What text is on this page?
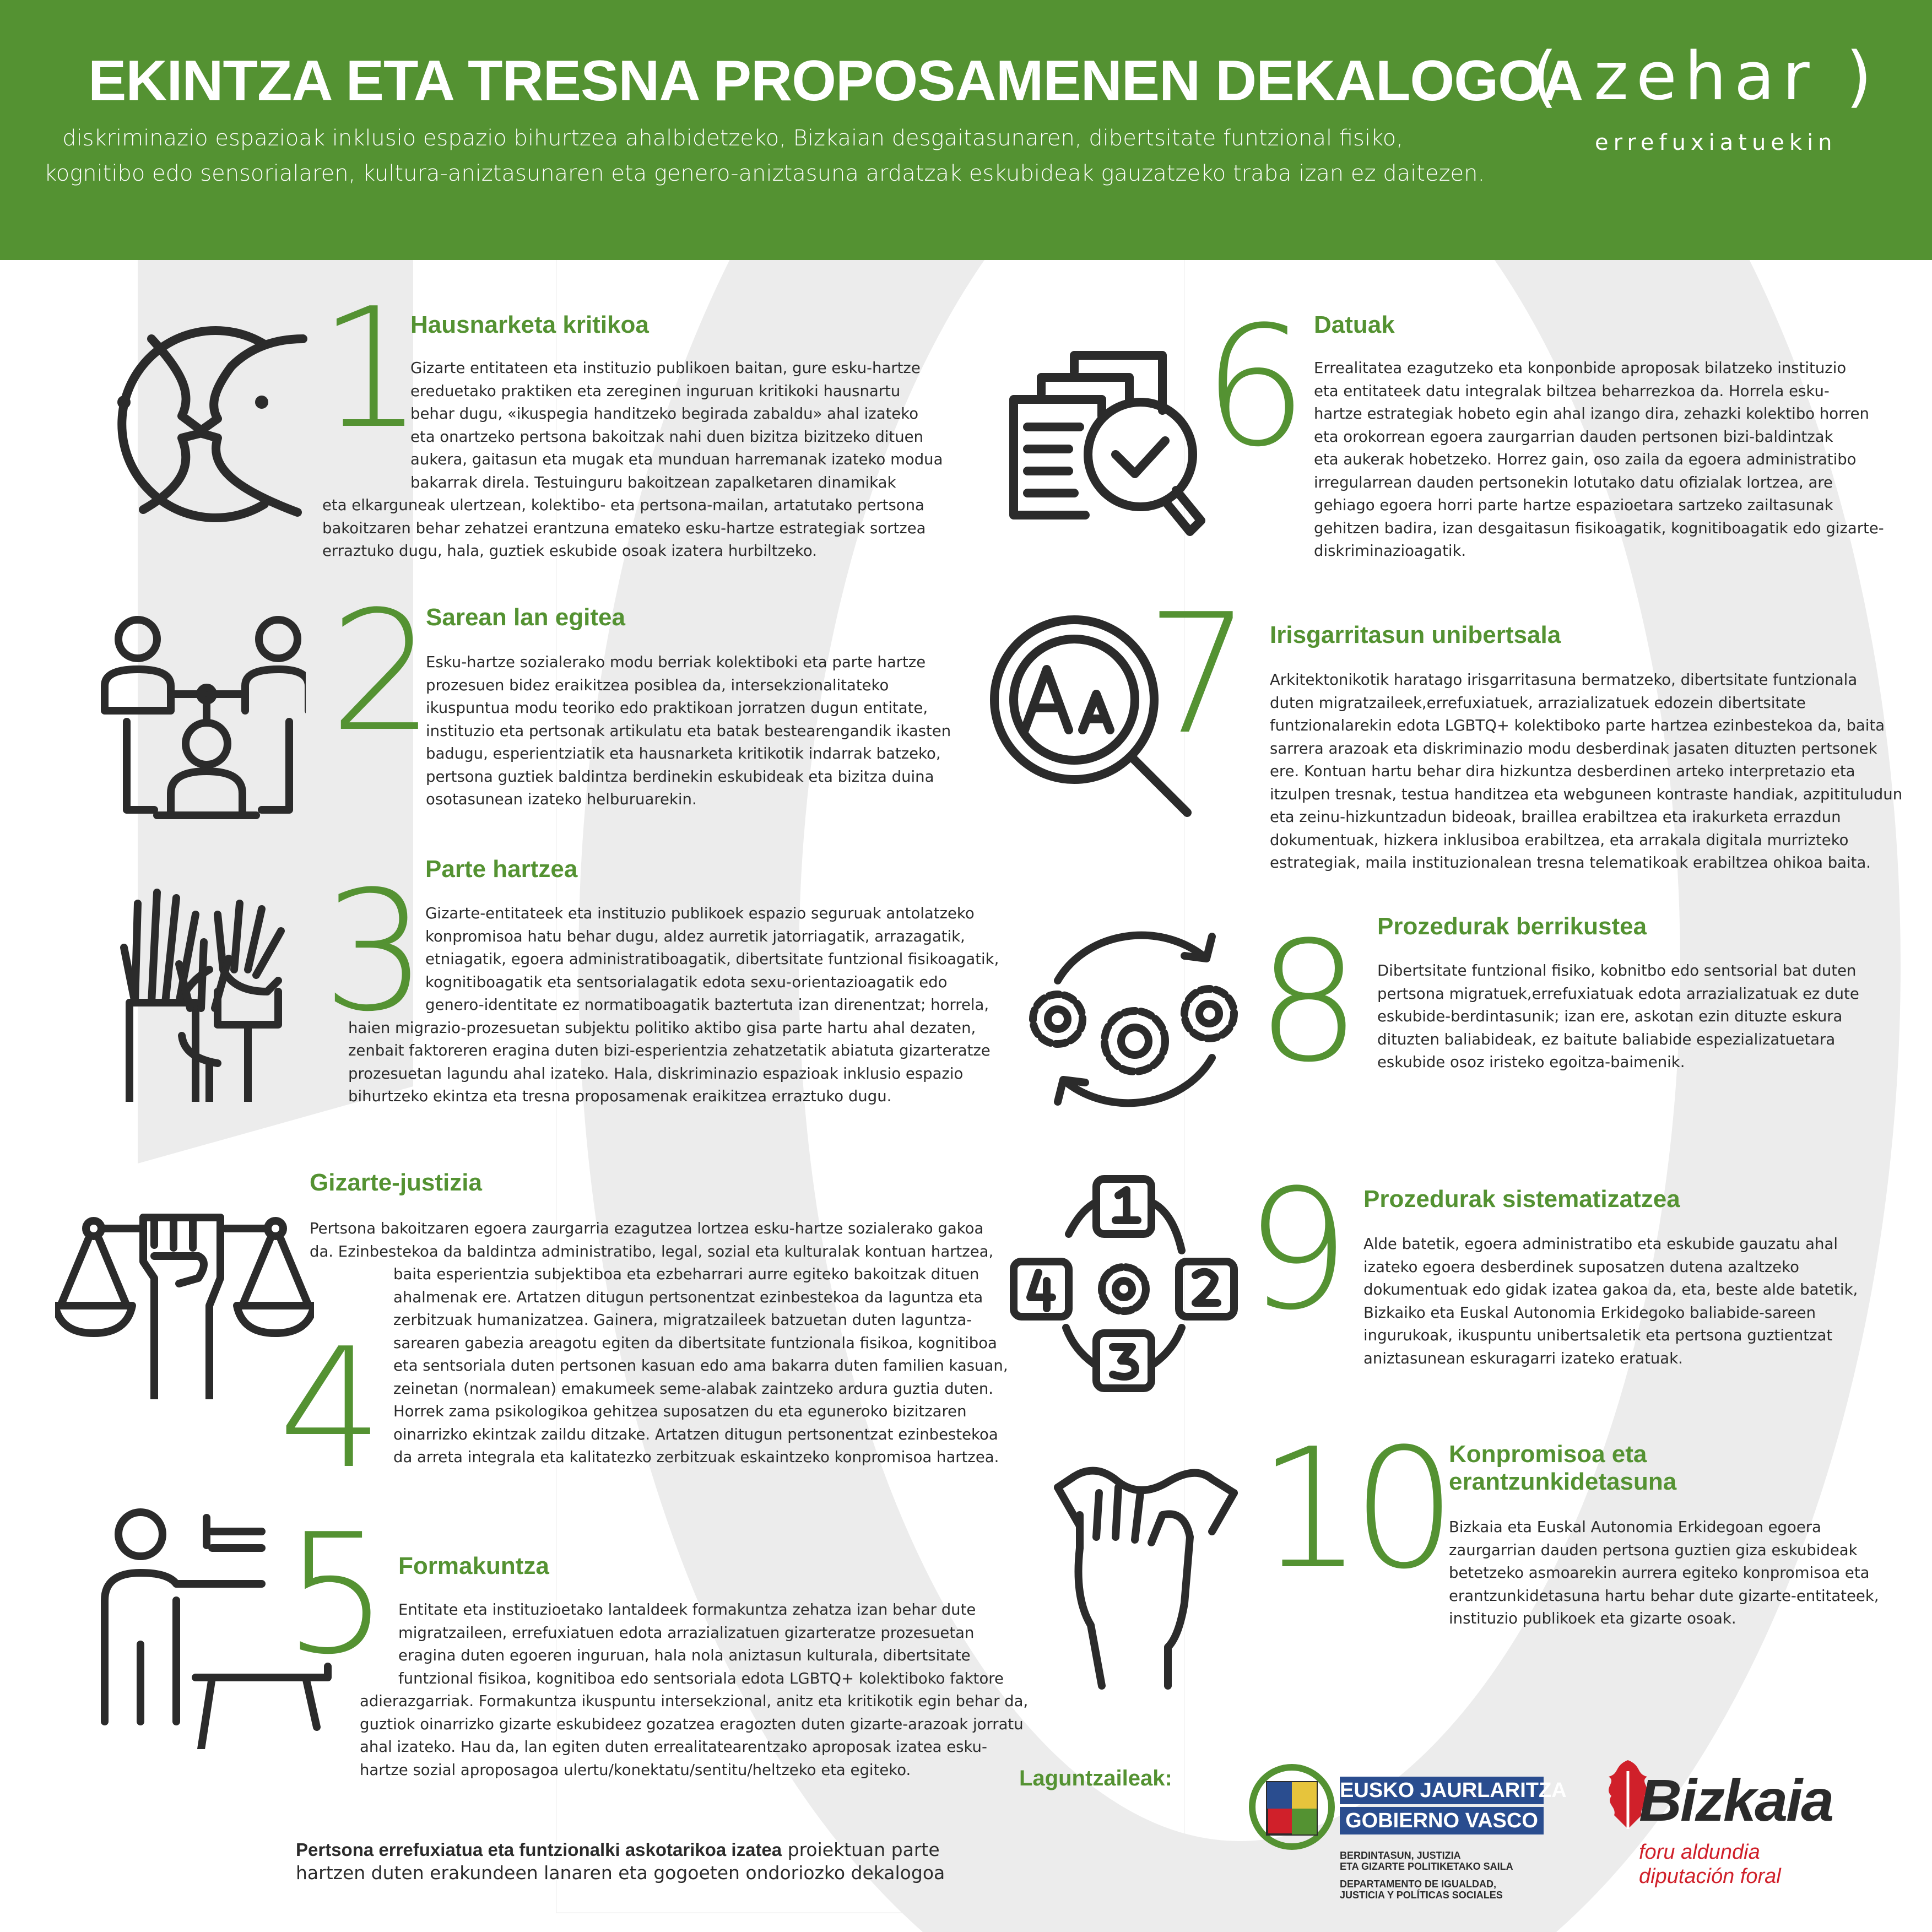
EKINTZA ETA TRESNA PROPOSAMENEN DEKALOGOA
diskriminazio espazioak inklusio espazio bihurtzea ahalbidetzeko, Bizkaian desgaitasunaren, dibertsitate funtzional fisiko,
kognitibo edo sensorialaren, kultura-aniztasunaren eta genero-aniztasuna ardatzak eskubideak gauzatzeko traba izan ez daitezen.
( zehar )
errefuxiatuekin
1
Hausnarketa kritikoa
Gizarte entitateen eta instituzio publikoen baitan, gure esku-hartze
ereduetako praktiken eta zereginen inguruan kritikoki hausnartu
behar dugu, «ikuspegia handitzeko begirada zabaldu» ahal izateko
eta onartzeko pertsona bakoitzak nahi duen bizitza bizitzeko dituen
aukera, gaitasun eta mugak eta munduan harremanak izateko modua
bakarrak direla. Testuinguru bakoitzean zapalketaren dinamikak
eta elkarguneak ulertzean, kolektibo- eta pertsona-mailan, artatutako pertsona
bakoitzaren behar zehatzei erantzuna emateko esku-hartze estrategiak sortzea
erraztuko dugu, hala, guztiek eskubide osoak izatera hurbiltzeko.
2
Sarean lan egitea
Esku-hartze sozialerako modu berriak kolektiboki eta parte hartze
prozesuen bidez eraikitzea posiblea da, intersekzionalitateko
ikuspuntua modu teoriko edo praktikoan jorratzen dugun entitate,
instituzio eta pertsonak artikulatu eta batak bestearengandik ikasten
badugu, esperientziatik eta hausnarketa kritikotik indarrak batzeko,
pertsona guztiek baldintza berdinekin eskubideak eta bizitza duina
osotasunean izateko helburuarekin.
3
Parte hartzea
Gizarte-entitateek eta instituzio publikoek espazio seguruak antolatzeko
konpromisoa hatu behar dugu, aldez aurretik jatorriagatik, arrazagatik,
etniagatik, egoera administratiboagatik, dibertsitate funtzional fisikoagatik,
kognitiboagatik eta sentsorialagatik edota sexu-orientazioagatik edo
genero-identitate ez normatiboagatik baztertuta izan direnentzat; horrela,
haien migrazio-prozesuetan subjektu politiko aktibo gisa parte hartu ahal dezaten,
zenbait faktoreren eragina duten bizi-esperientzia zehatzetatik abiatuta gizarteratze
prozesuetan lagundu ahal izateko. Hala, diskriminazio espazioak inklusio espazio
bihurtzeko ekintza eta tresna proposamenak eraikitzea erraztuko dugu.
4
Gizarte-justizia
Pertsona bakoitzaren egoera zaurgarria ezagutzea lortzea esku-hartze sozialerako gakoa
da. Ezinbestekoa da baldintza administratibo, legal, sozial eta kulturalak kontuan hartzea,
baita esperientzia subjektiboa eta ezbeharrari aurre egiteko bakoitzak dituen
ahalmenak ere. Artatzen ditugun pertsonentzat ezinbestekoa da laguntza eta
zerbitzuak humanizatzea. Gainera, migratzaileek batzuetan duten laguntza-
sarearen gabezia areagotu egiten da dibertsitate funtzionala fisikoa, kognitiboa
eta sentsoriala duten pertsonen kasuan edo ama bakarra duten familien kasuan,
zeinetan (normalean) emakumeek seme-alabak zaintzeko ardura guztia duten.
Horrek zama psikologikoa gehitzea suposatzen du eta eguneroko bizitzaren
oinarrizko ekintzak zaildu ditzake. Artatzen ditugun pertsonentzat ezinbestekoa
da arreta integrala eta kalitatezko zerbitzuak eskaintzeko konpromisoa hartzea.
5 Formakuntza
Entitate eta instituzioetako lantaldeek formakuntza zehatza izan behar dute
migratzaileen, errefuxiatuen edota arrazializatuen gizarteratze prozesuetan
eragina duten egoeren inguruan, hala nola aniztasun kulturala, dibertsitate
funtzional fisikoa, kognitiboa edo sentsoriala edota LGBTQ+ kolektiboko faktore
adierazgarriak. Formakuntza ikuspuntu intersekzional, anitz eta kritikotik egin behar da,
guztiok oinarrizko gizarte eskubideez gozatzea eragozten duten gizarte-arazoak jorratu
ahal izateko. Hau da, lan egiten duten errealitatearentzako aproposak izatea esku-
hartze sozial aproposagoa ulertu/konektatu/sentitu/heltzeko eta egiteko.
6 Datuak
Errealitatea ezagutzeko eta konponbide aproposak bilatzeko instituzio
eta entitateek datu integralak biltzea beharrezkoa da. Horrela esku-
hartze estrategiak hobeto egin ahal izango dira, zehazki kolektibo horren
eta orokorrean egoera zaurgarrian dauden pertsonen bizi-baldintzak
eta aukerak hobetzeko. Horrez gain, oso zaila da egoera administratibo
irregularrean dauden pertsonekin lotutako datu ofizialak lortzea, are
gehiago egoera horri parte hartze espazioetara sartzeko zailtasunak
gehitzen badira, izan desgaitasun fisikoagatik, kognitiboagatik edo gizarte-
diskriminazioagatik.
7 Irisgarritasun unibertsala
Arkitektonikotik haratago irisgarritasuna bermatzeko, dibertsitate funtzionala
duten migratzaileek,errefuxiatuek, arrazializatuek edozein dibertsitate
funtzionalarekin edota LGBTQ+ kolektiboko parte hartzea ezinbestekoa da, baita
sarrera arazoak eta diskriminazio modu desberdinak jasaten dituzten pertsonek
ere. Kontuan hartu behar dira hizkuntza desberdinen arteko interpretazio eta
itzulpen tresnak, testua handitzea eta webguneen kontraste handiak, azpitituludun
eta zeinu-hizkuntzadun bideoak, braillea erabiltzea eta irakurketa errazdun
dokumentuak, hizkera inklusiboa erabiltzea, eta arrakala digitala murrizteko
estrategiak, maila instituzionalean tresna telematikoak erabiltzea ohikoa baita.
8 Prozedurak berrikustea
Dibertsitate funtzional fisiko, kobnitbo edo sentsorial bat duten
pertsona migratuek,errefuxiatuak edota arrazializatuak ez dute
eskubide-berdintasunik; izan ere, askotan ezin dituzte eskura
dituzten baliabideak, ez baitute baliabide espezializatuetara
eskubide osoz iristeko egoitza-baimenik.
9 Prozedurak sistematizatzea
Alde batetik, egoera administratibo eta eskubide gauzatu ahal
izateko egoera desberdinek suposatzen dutena azaltzeko
dokumentuak edo gidak izatea gakoa da, eta, beste alde batetik,
Bizkaiko eta Euskal Autonomia Erkidegoko baliabide-sareen
ingurukoak, ikuspuntu unibertsaletik eta pertsona guztientzat
aniztasunean eskuragarri izateko eratuak.
10 Konpromisoa eta
erantzunkidetasuna
Bizkaia eta Euskal Autonomia Erkidegoan egoera
zaurgarrian dauden pertsona guztien giza eskubideak
betetzeko asmoarekin aurrera egiteko konpromisoa eta
erantzunkidetasuna hartu behar dute gizarte-entitateek,
instituzio publikoek eta gizarte osoak.
Pertsona errefuxiatua eta funtzionalki askotarikoa izatea proiektuan parte
hartzen duten erakundeen lanaren eta gogoeten ondoriozko dekalogoa
Laguntzaileak:	EUSKO JAURLARITZA
GOBIERNO VASCO
BERDINTASUN, JUSTIZIA
ETA GIZARTE POLITIKETAKO SAILA
DEPARTAMENTO DE IGUALDAD,
JUSTICIA Y POLÍTICAS SOCIALES
Bizkaia
foru aldundia
diputación foral
